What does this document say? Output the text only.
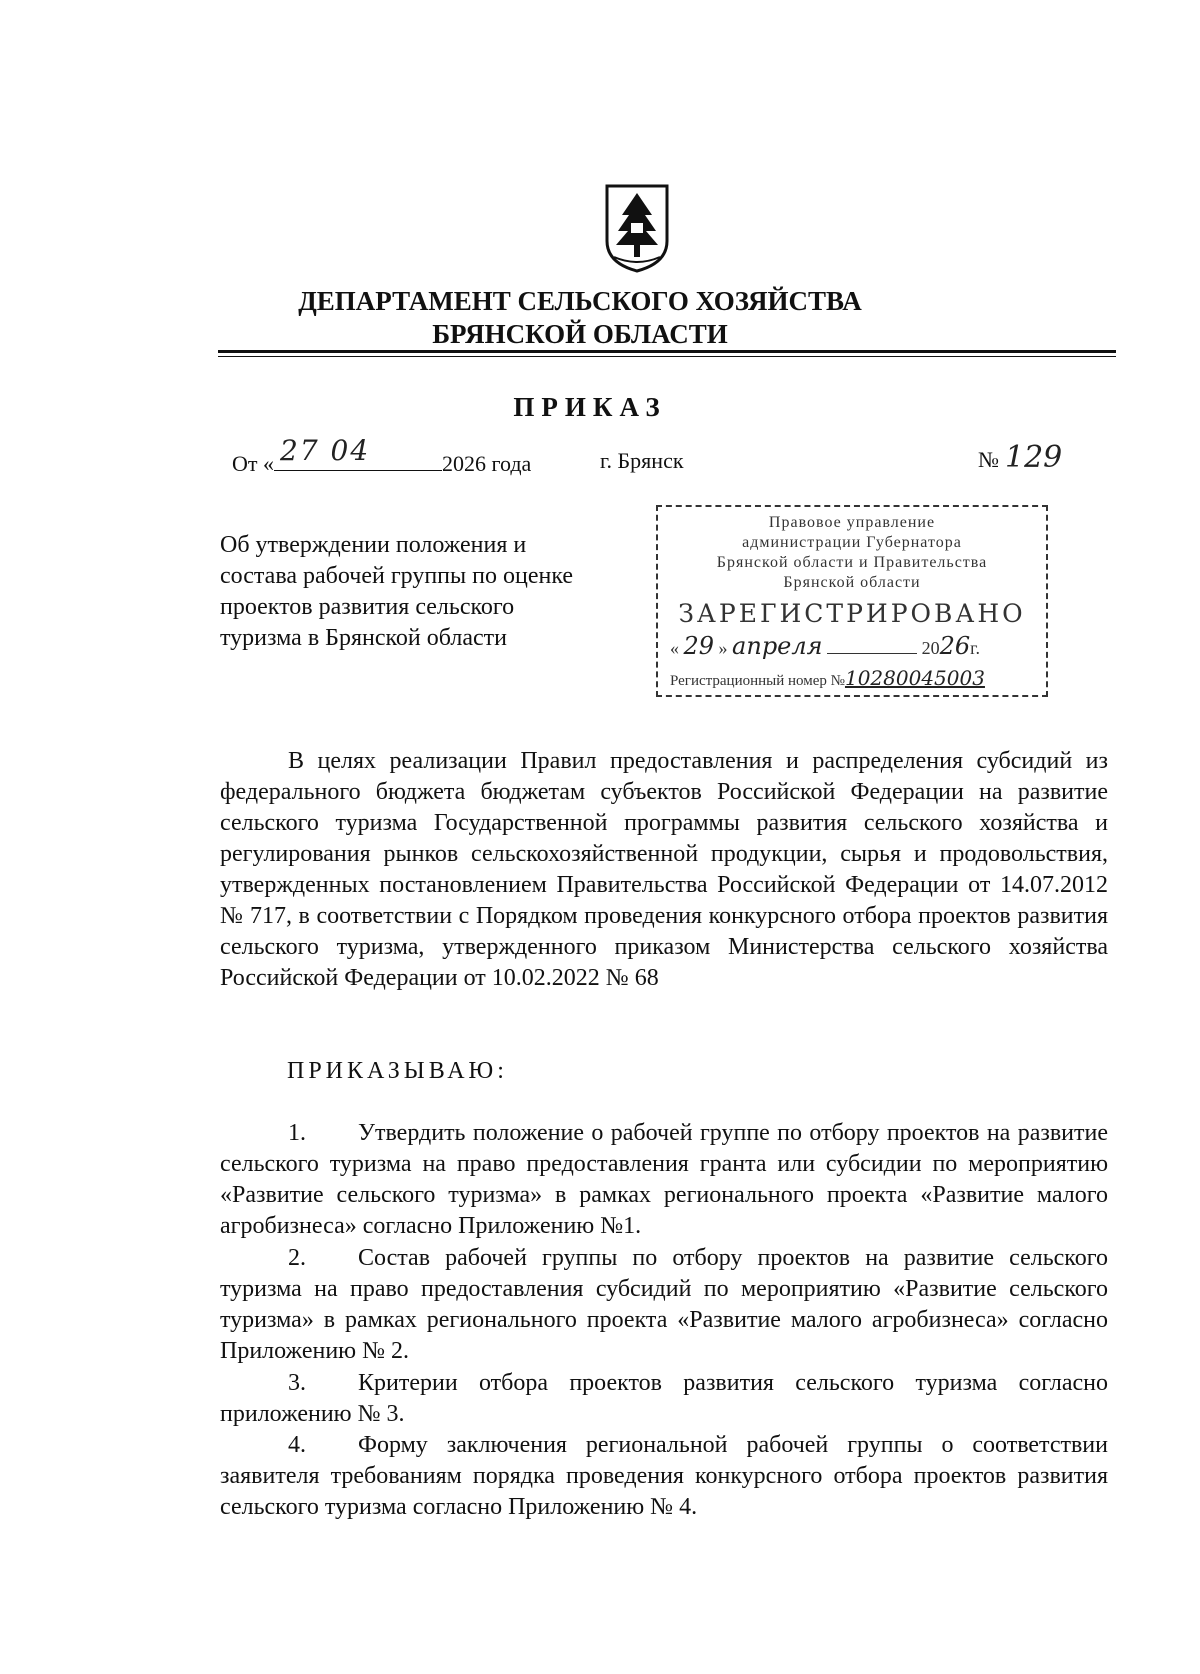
ДЕПАРТАМЕНТ СЕЛЬСКОГО ХОЗЯЙСТВА
БРЯНСКОЙ ОБЛАСТИ
ПРИКАЗ
От « 27 04	2026 года	г. Брянск	№ 129
Об утверждении положения и состава рабочей группы по оценке проектов развития сельского туризма в Брянской области
Правовое управление
администрации Губернатора
Брянской области и Правительства
Брянской области
ЗАРЕГИСТРИРОВАНО
« 29 » апреля	2026г.
Регистрационный номер №10280045003
В целях реализации Правил предоставления и распределения субсидий из федерального бюджета бюджетам субъектов Российской Федерации на развитие сельского туризма Государственной программы развития сельского хозяйства и регулирования рынков сельскохозяйственной продукции, сырья и продовольствия, утвержденных постановлением Правительства Российской Федерации от 14.07.2012 № 717, в соответствии с Порядком проведения конкурсного отбора проектов развития сельского туризма, утвержденного приказом Министерства сельского хозяйства Российской Федерации от 10.02.2022 № 68
ПРИКАЗЫВАЮ:
1. Утвердить положение о рабочей группе по отбору проектов на развитие сельского туризма на право предоставления гранта или субсидии по мероприятию «Развитие сельского туризма» в рамках регионального проекта «Развитие малого агробизнеса» согласно Приложению №1.
2. Состав рабочей группы по отбору проектов на развитие сельского туризма на право предоставления субсидий по мероприятию «Развитие сельского туризма» в рамках регионального проекта «Развитие малого агробизнеса» согласно Приложению № 2.
3. Критерии отбора проектов развития сельского туризма согласно приложению № 3.
4. Форму заключения региональной рабочей группы о соответствии заявителя требованиям порядка проведения конкурсного отбора проектов развития сельского туризма согласно Приложению № 4.
